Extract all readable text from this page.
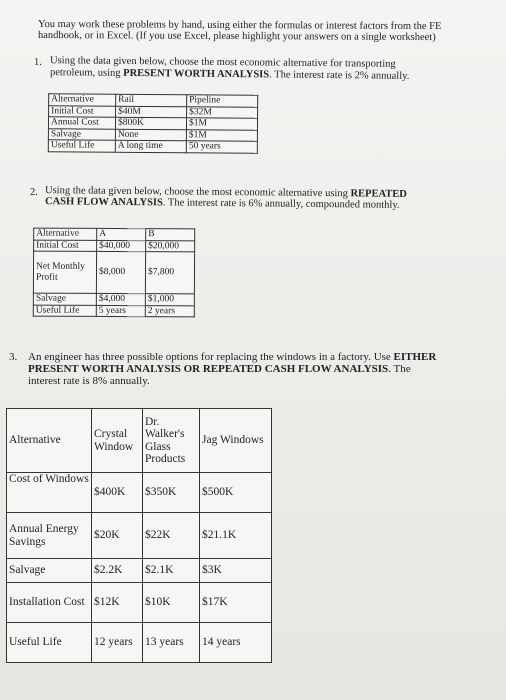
You may work these problems by hand, using either the formulas or interest factors from the FE
handbook, or in Excel. (If you use Excel, please highlight your answers on a single worksheet)
1. Using the data given below, choose the most economic alternative for transporting
petroleum, using PRESENT WORTH ANALYSIS. The interest rate is 2% annually.
Alternative	Rail	Pipeline
Initial Cost	$40M	$32M
Annual Cost	$800K	$1M
Salvage	None	$1M
Useful Life	A long time	50 years
2. Using the data given below, choose the most economic alternative using REPEATED
CASH FLOW ANALYSIS. The interest rate is 6% annually, compounded monthly.
Alternative	A	B
Initial Cost	$40,000	$20,000
Net Monthly Profit	$8,000	$7,800
Salvage	$4,000	$1,000
Useful Life	5 years	2 years
3. An engineer has three possible options for replacing the windows in a factory. Use EITHER
PRESENT WORTH ANALYSIS OR REPEATED CASH FLOW ANALYSIS. The
interest rate is 8% annually.
Alternative	Crystal Window	Dr. Walker's Glass Products	Jag Windows
Cost of Windows	$400K	$350K	$500K
Annual Energy Savings	$20K	$22K	$21.1K
Salvage	$2.2K	$2.1K	$3K
Installation Cost	$12K	$10K	$17K
Useful Life	12 years	13 years	14 years
